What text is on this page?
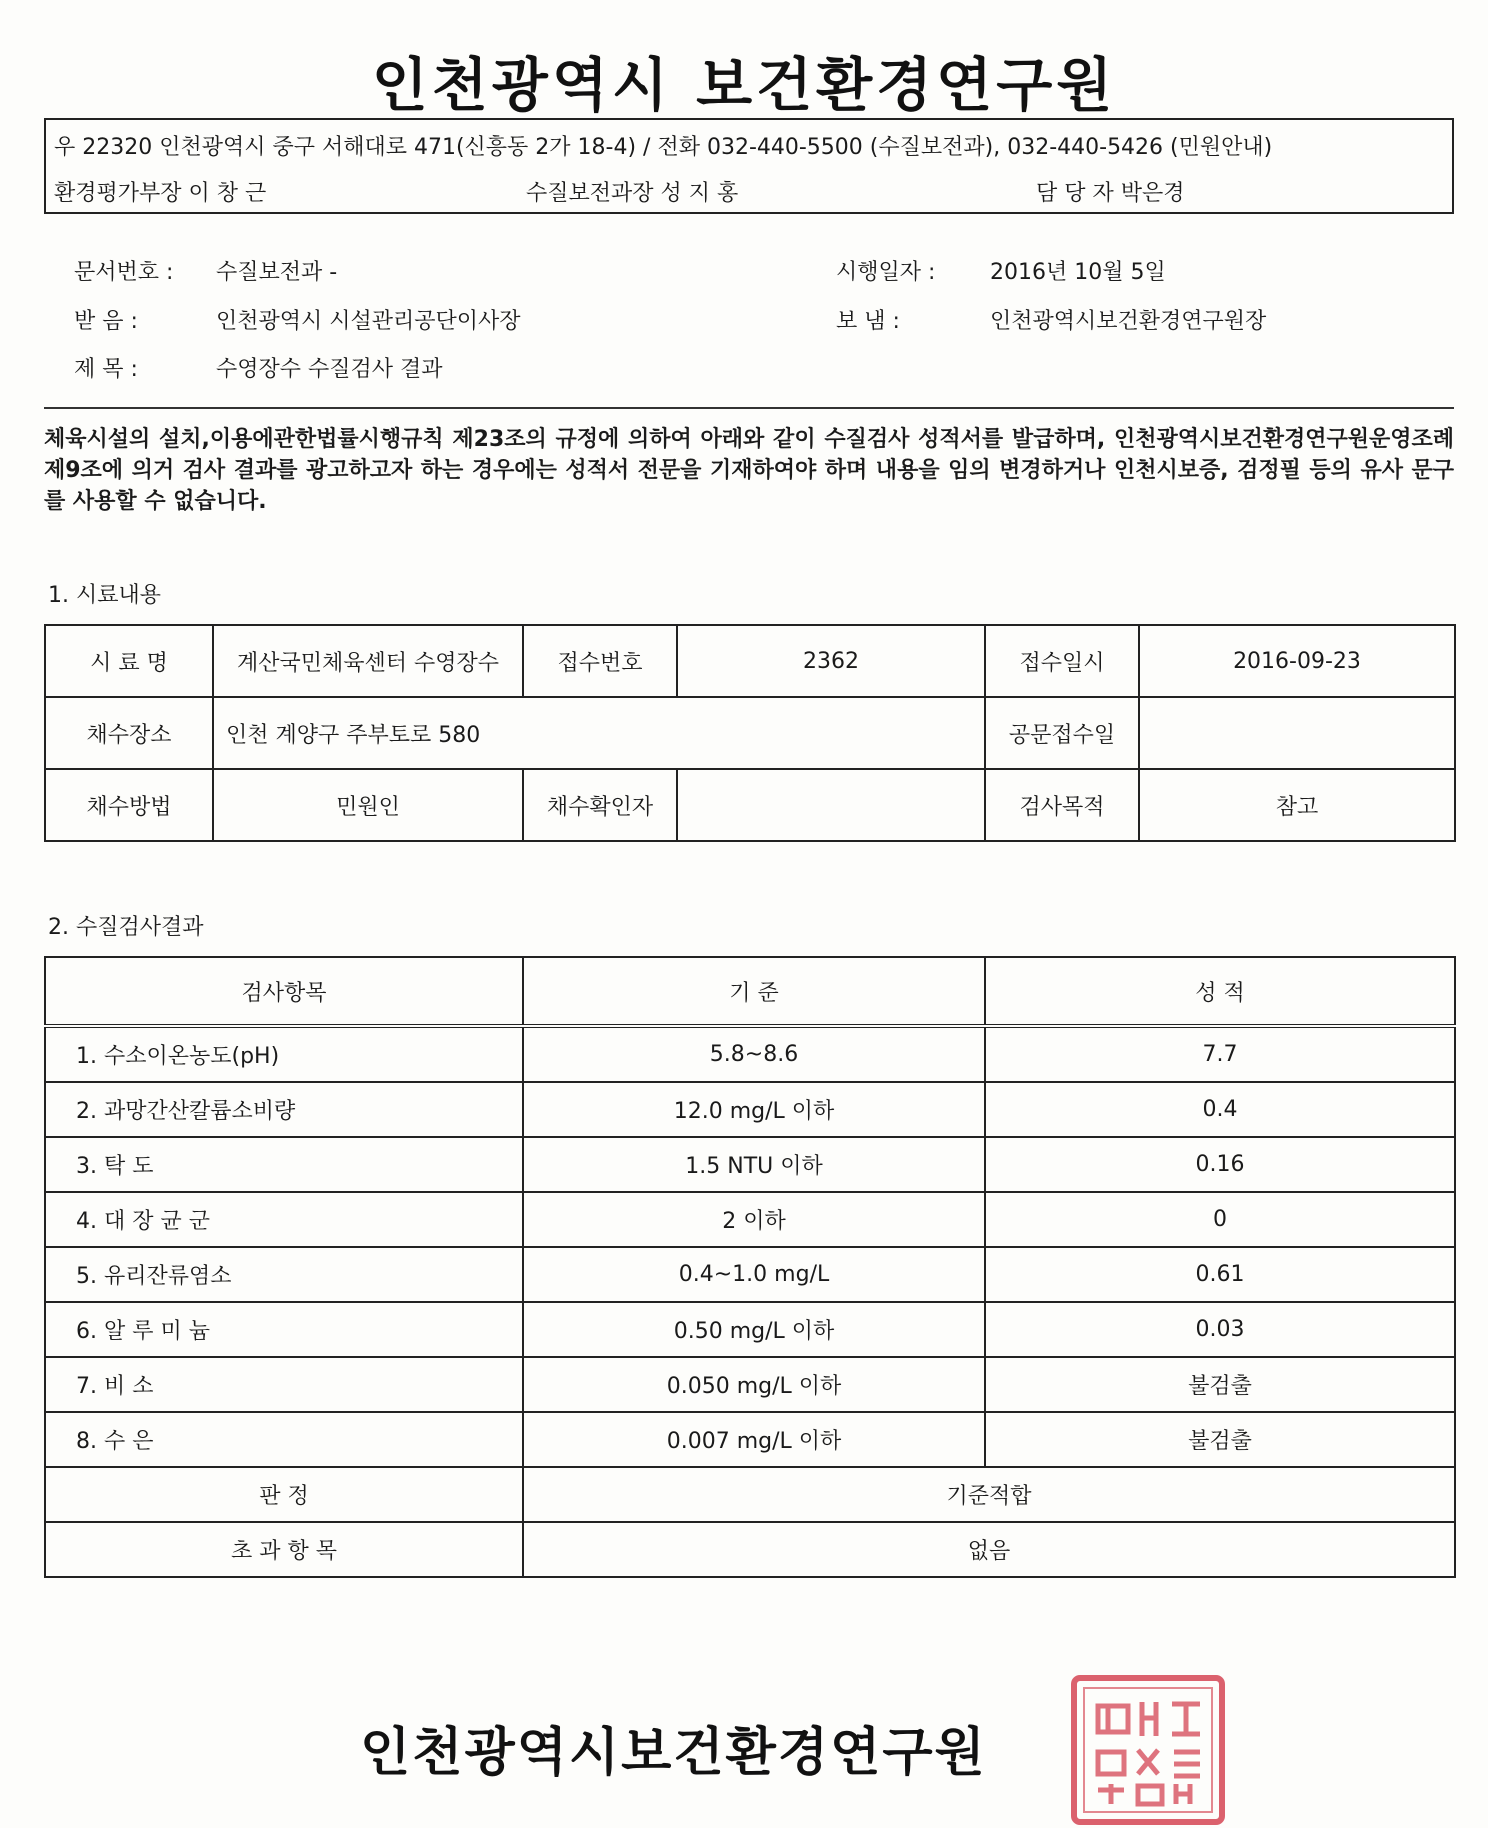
인천광역시 보건환경연구원
우 22320 인천광역시 중구 서해대로 471(신흥동 2가 18-4) / 전화 032-440-5500 (수질보전과), 032-440-5426 (민원안내)
환경평가부장 이 창 근	수질보전과장 성 지 홍	담 당 자 박은경
문서번호 : 수질보전과 -	시행일자 : 2016년 10월 5일
받 음 :	인천광역시 시설관리공단이사장	보 냄 :	인천광역시보건환경연구원장
제 목 :	수영장수 수질검사 결과
체육시설의 설치,이용에관한법률시행규칙 제23조의 규정에 의하여 아래와 같이 수질검사 성적서를 발급하며, 인천광역시보건환경연구원운영조례 제9조에 의거 검사 결과를 광고하고자 하는 경우에는 성적서 전문을 기재하여야 하며 내용을 임의 변경하거나 인천시보증, 검정필 등의 유사 문구를 사용할 수 없습니다.
1. 시료내용
시 료 명	계산국민체육센터 수영장수	접수번호	2362	접수일시	2016-09-23
채수장소	인천 계양구 주부토로 580			공문접수일	
채수방법	민원인	채수확인자		검사목적	참고
2. 수질검사결과
검사항목	기 준	성 적
1. 수소이온농도(pH)	5.8~8.6	7.7
2. 과망간산칼륨소비량	12.0 mg/L 이하	0.4
3. 탁 도	1.5 NTU 이하	0.16
4. 대 장 균 군	2 이하	0
5. 유리잔류염소	0.4~1.0 mg/L	0.61
6. 알 루 미 늄	0.50 mg/L 이하	0.03
7. 비 소	0.050 mg/L 이하	불검출
8. 수 은	0.007 mg/L 이하	불검출
판 정	기준적합	
초 과 항 목	없음	
인천광역시보건환경연구원
